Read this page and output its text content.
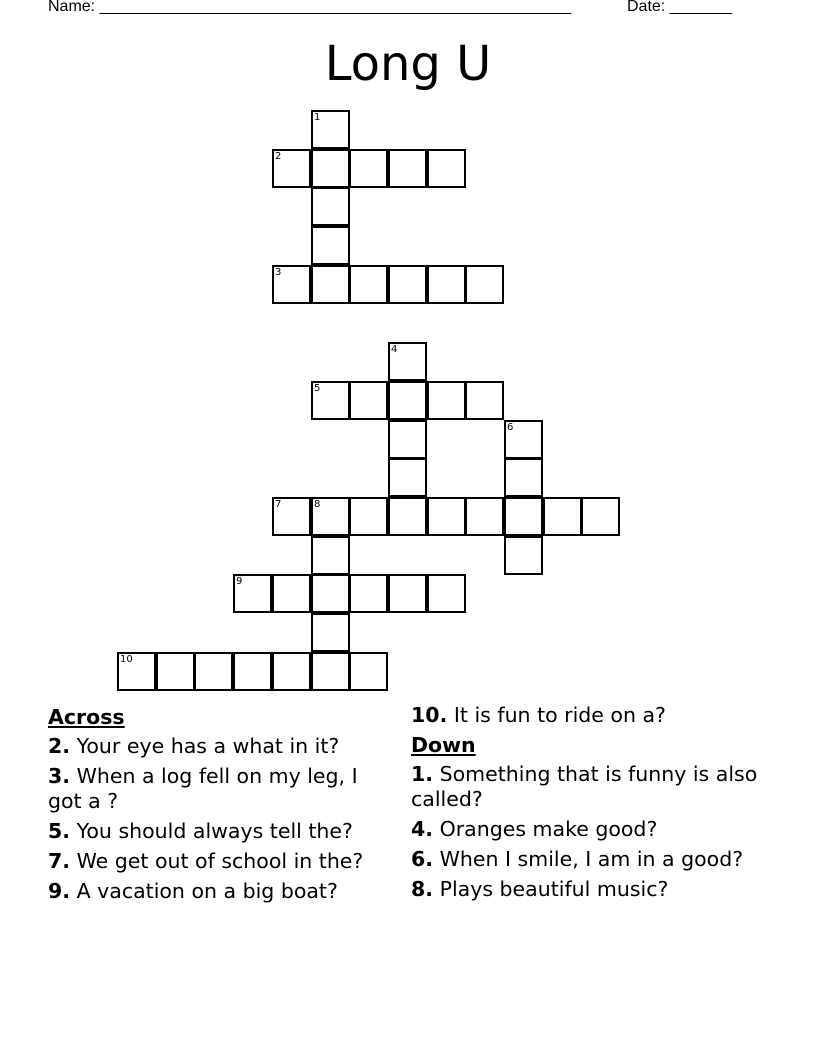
Name: _____________________________________________________	Date: _______
Long U
1
2
3
4
5
6
7	8
9
10
Across
2. Your eye has a what in it?
3. When a log fell on my leg, I got a ?
5. You should always tell the?
7. We get out of school in the?
9. A vacation on a big boat?
10. It is fun to ride on a?
Down
1. Something that is funny is also called?
4. Oranges make good?
6. When I smile, I am in a good?
8. Plays beautiful music?
